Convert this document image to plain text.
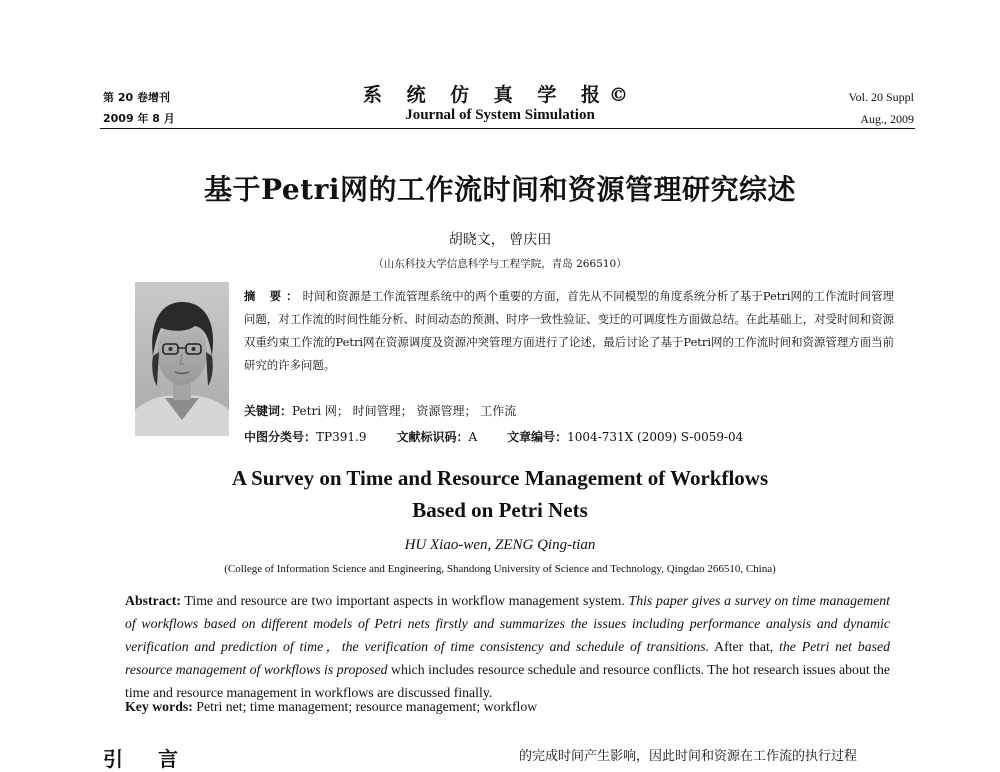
第 20 卷增刊
2009 年 8 月
系 统 仿 真 学 报©
Journal of System Simulation
Vol. 20 Suppl
Aug., 2009
基于Petri网的工作流时间和资源管理研究综述
胡晓文， 曾庆田
（山东科技大学信息科学与工程学院，青岛 266510）
摘 要：时间和资源是工作流管理系统中的两个重要的方面，首先从不同模型的角度系统分析了基于Petri网的工作流时间管理问题，对工作流的时间性能分析、时间动态的预测、时序一致性验证、变迁的可调度性方面做总结。在此基础上，对受时间和资源双重约束工作流的Petri网在资源调度及资源冲突管理方面进行了论述，最后讨论了基于Petri网的工作流时间和资源管理方面当前研究的许多问题。
关键词：Petri 网； 时间管理； 资源管理； 工作流
中图分类号：TP391.9	文献标识码：A	文章编号：1004-731X (2009) S-0059-04
A Survey on Time and Resource Management of Workflows
Based on Petri Nets
HU Xiao-wen, ZENG Qing-tian
(College of Information Science and Engineering, Shandong University of Science and Technology, Qingdao 266510, China)
Abstract: Time and resource are two important aspects in workflow management system. This paper gives a survey on time management of workflows based on different models of Petri nets firstly and summarizes the issues including performance analysis and dynamic verification and prediction of time，the verification of time consistency and schedule of transitions. After that, the Petri net based resource management of workflows is proposed which includes resource schedule and resource conflicts. The hot research issues about the time and resource management in workflows are discussed finally.
Key words: Petri net; time management; resource management; workflow
引 言	的完成时间产生影响，因此时间和资源在工作流的执行过程
